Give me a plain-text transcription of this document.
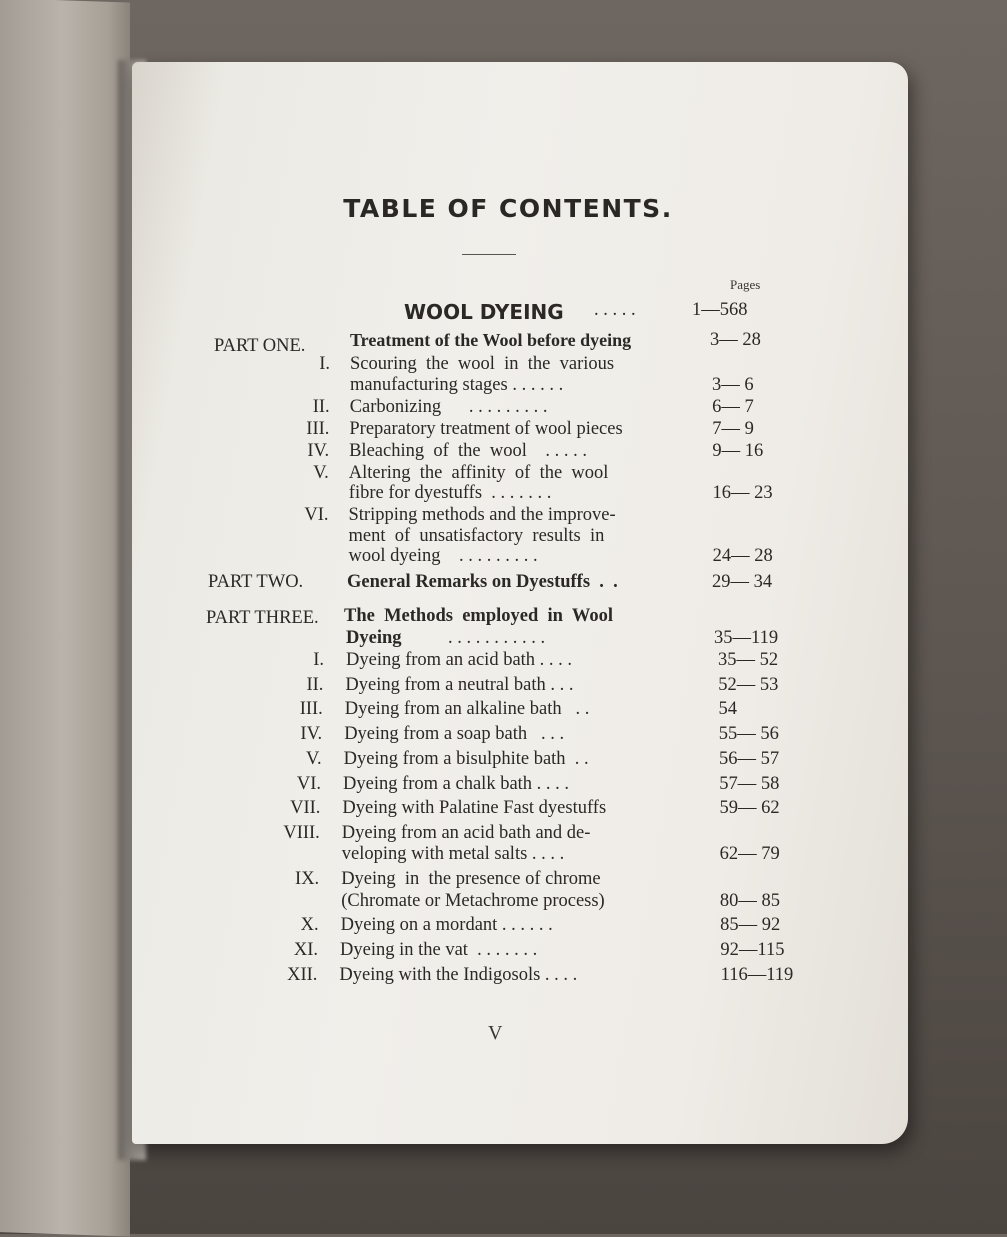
TABLE OF CONTENTS.
Pages
WOOL DYEING . . . . .	1—568
PART ONE. Treatment of the Wool before dyeing	3— 28
I. Scouring  the  wool  in  the  various
manufacturing stages . . . . . .	3— 6
II. Carbonizing      . . . . . . . . .	6— 7
III. Preparatory treatment of wool pieces	7— 9
IV. Bleaching  of  the  wool    . . . . .	9— 16
V. Altering  the  affinity  of  the  wool
fibre for dyestuffs  . . . . . . .	16— 23
VI. Stripping methods and the improve-
ment  of  unsatisfactory  results  in
wool dyeing    . . . . . . . . .	24— 28
PART TWO. General Remarks on Dyestuffs  .  .	29— 34
PART THREE. The  Methods  employed  in  Wool
Dyeing	. . . . . . . . . . .	35—119
I. Dyeing from an acid bath . . . .	35— 52
II. Dyeing from a neutral bath . . .	52— 53
III. Dyeing from an alkaline bath   . .	54
IV. Dyeing from a soap bath   . . .	55— 56
V. Dyeing from a bisulphite bath  . .	56— 57
VI. Dyeing from a chalk bath . . . .	57— 58
VII. Dyeing with Palatine Fast dyestuffs	59— 62
VIII. Dyeing from an acid bath and de-
veloping with metal salts . . . .	62— 79
IX. Dyeing  in  the presence of chrome
(Chromate or Metachrome process)	80— 85
X. Dyeing on a mordant . . . . . .	85— 92
XI. Dyeing in the vat  . . . . . . .	92—115
XII. Dyeing with the Indigosols . . . .	116—119
V
